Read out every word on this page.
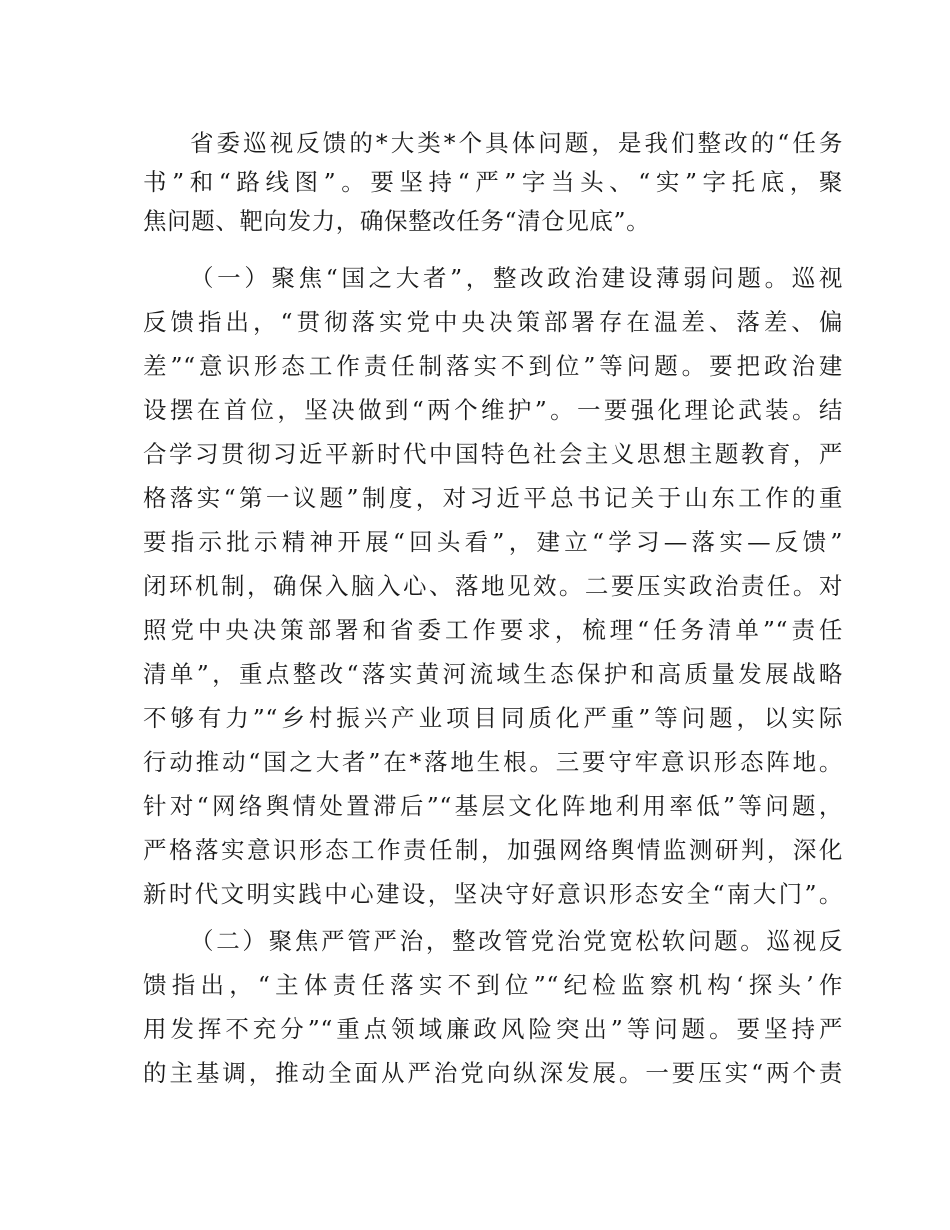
省委巡视反馈的*大类*个具体问题，是我们整改的“任务
书”和“路线图”。要坚持“严”字当头、“实”字托底，聚
焦问题、靶向发力，确保整改任务“清仓见底”。
（一）聚焦“国之大者”，整改政治建设薄弱问题。巡视
反馈指出，“贯彻落实党中央决策部署存在温差、落差、偏
差”“意识形态工作责任制落实不到位”等问题。要把政治建
设摆在首位，坚决做到“两个维护”。一要强化理论武装。结
合学习贯彻习近平新时代中国特色社会主义思想主题教育，严
格落实“第一议题”制度，对习近平总书记关于山东工作的重
要指示批示精神开展“回头看”，建立“学习—落实—反馈”
闭环机制，确保入脑入心、落地见效。二要压实政治责任。对
照党中央决策部署和省委工作要求，梳理“任务清单”“责任
清单”，重点整改“落实黄河流域生态保护和高质量发展战略
不够有力”“乡村振兴产业项目同质化严重”等问题，以实际
行动推动“国之大者”在*落地生根。三要守牢意识形态阵地。
针对“网络舆情处置滞后”“基层文化阵地利用率低”等问题，
严格落实意识形态工作责任制，加强网络舆情监测研判，深化
新时代文明实践中心建设，坚决守好意识形态安全“南大门”。
（二）聚焦严管严治，整改管党治党宽松软问题。巡视反
馈指出，“主体责任落实不到位”“纪检监察机构‘探头’作
用发挥不充分”“重点领域廉政风险突出”等问题。要坚持严
的主基调，推动全面从严治党向纵深发展。一要压实“两个责
